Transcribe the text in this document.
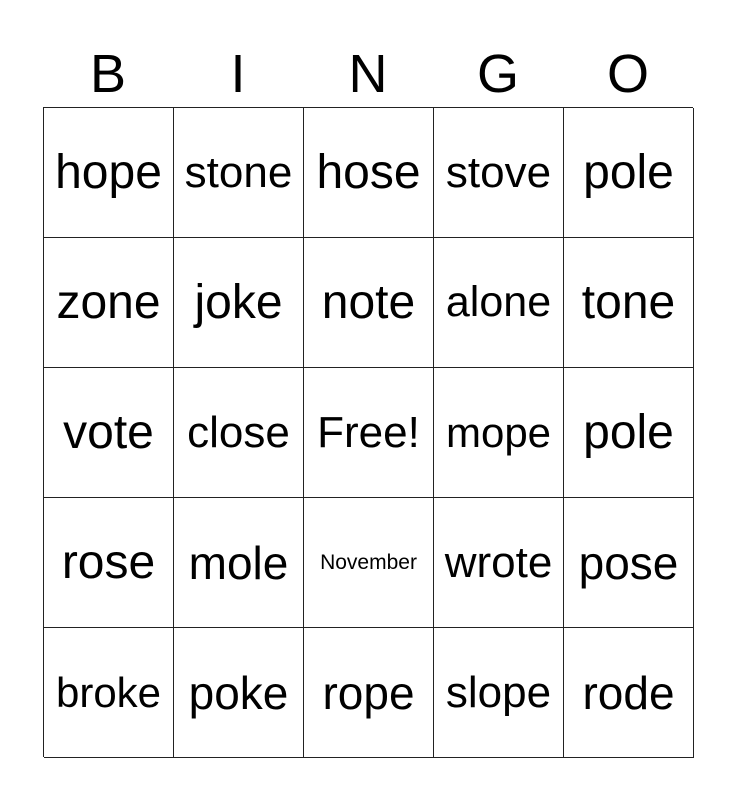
B	I	N	G	O
hope stone hose stove pole
zone joke note alone tone
vote close Free! mope pole
rose mole	November wrote pose
broke poke rope slope rode
